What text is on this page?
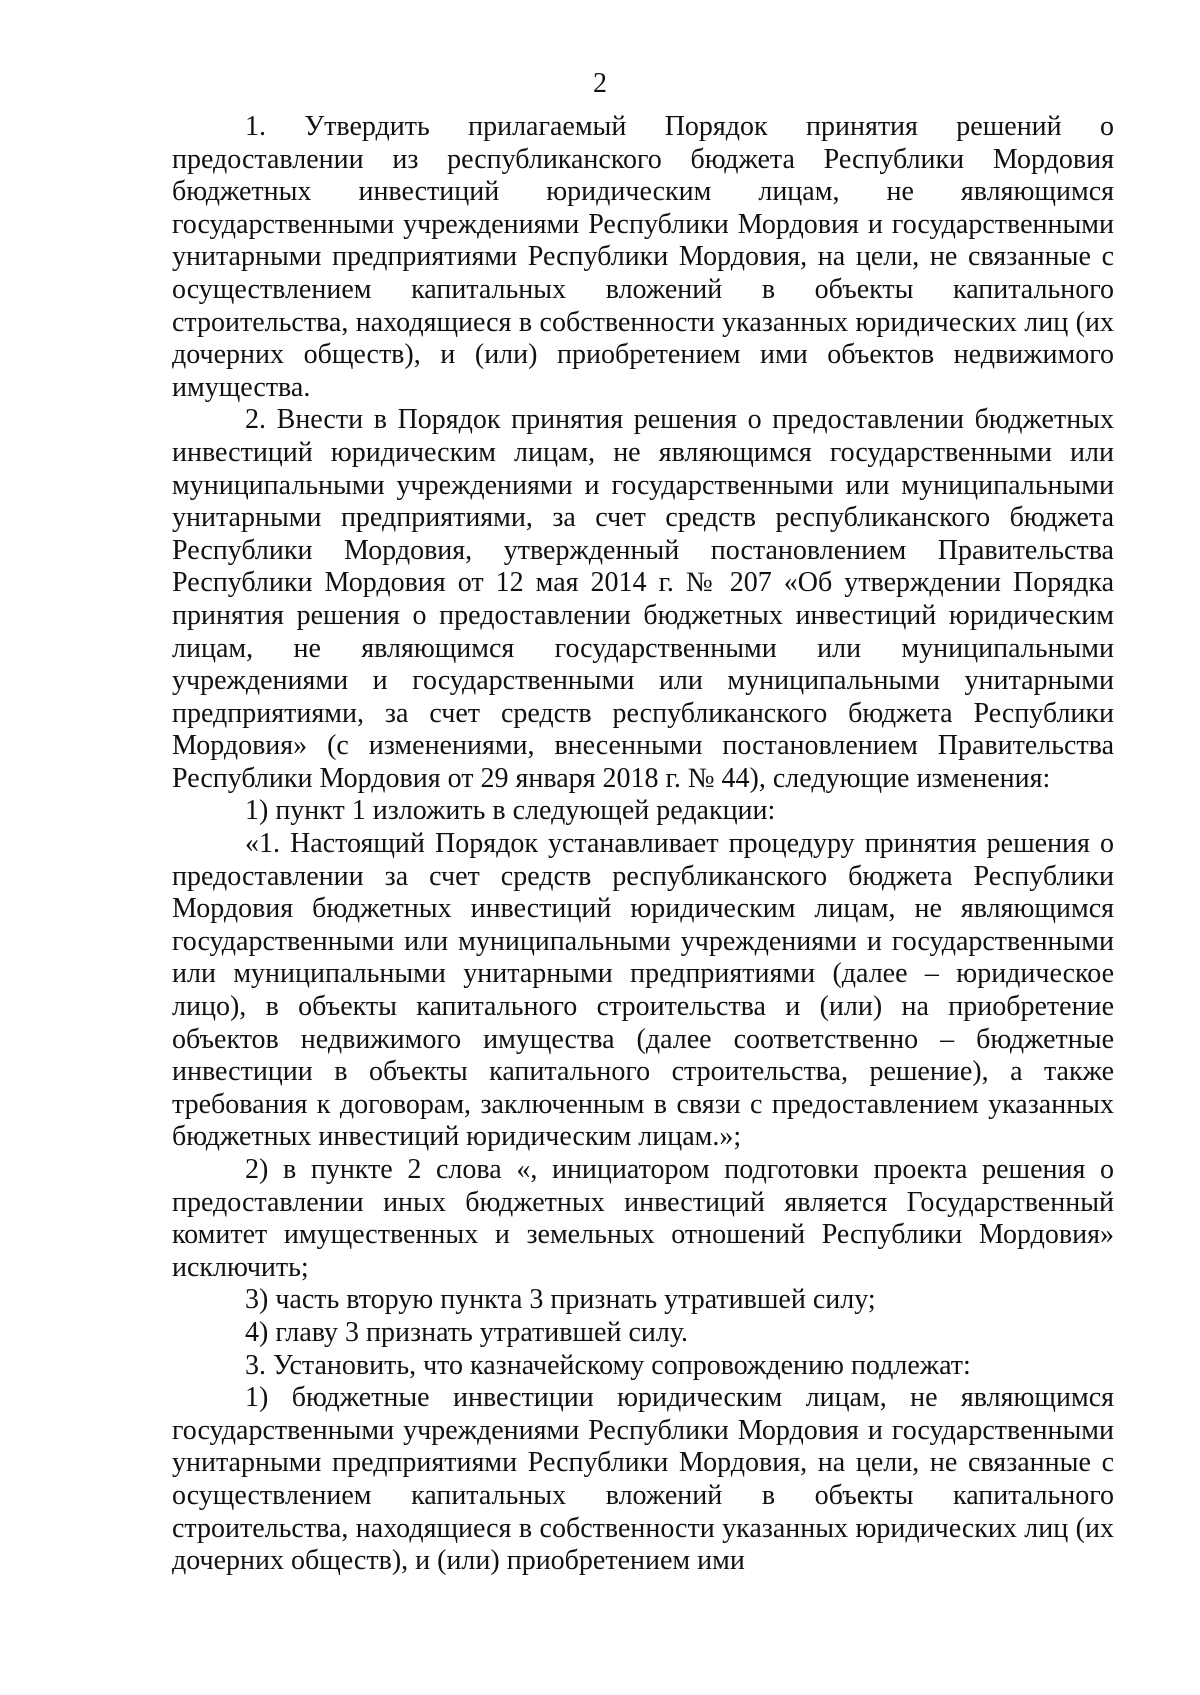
2

1. Утвердить прилагаемый Порядок принятия решений о предоставлении из республиканского бюджета Республики Мордовия бюджетных инвестиций юридическим лицам, не являющимся государственными учреждениями Республики Мордовия и государственными унитарными предприятиями Республики Мордовия, на цели, не связанные с осуществлением капитальных вложений в объекты капитального строительства, находящиеся в собственности указанных юридических лиц (их дочерних обществ), и (или) приобретением ими объектов недвижимого имущества.

2. Внести в Порядок принятия решения о предоставлении бюджетных инвестиций юридическим лицам, не являющимся государственными или муниципальными учреждениями и государственными или муниципальными унитарными предприятиями, за счет средств республиканского бюджета Республики Мордовия, утвержденный постановлением Правительства Республики Мордовия от 12 мая 2014 г. № 207 «Об утверждении Порядка принятия решения о предоставлении бюджетных инвестиций юридическим лицам, не являющимся государственными или муниципальными учреждениями и государственными или муниципальными унитарными предприятиями, за счет средств республиканского бюджета Республики Мордовия» (с изменениями, внесенными постановлением Правительства Республики Мордовия от 29 января 2018 г. № 44), следующие изменения:

1) пункт 1 изложить в следующей редакции:

«1. Настоящий Порядок устанавливает процедуру принятия решения о предоставлении за счет средств республиканского бюджета Республики Мордовия бюджетных инвестиций юридическим лицам, не являющимся государственными или муниципальными учреждениями и государственными или муниципальными унитарными предприятиями (далее – юридическое лицо), в объекты капитального строительства и (или) на приобретение объектов недвижимого имущества (далее соответственно – бюджетные инвестиции в объекты капитального строительства, решение), а также требования к договорам, заключенным в связи с предоставлением указанных бюджетных инвестиций юридическим лицам.»;

2) в пункте 2 слова «, инициатором подготовки проекта решения о предоставлении иных бюджетных инвестиций является Государственный комитет имущественных и земельных отношений Республики Мордовия» исключить;

3) часть вторую пункта 3 признать утратившей силу;

4) главу 3 признать утратившей силу.

3. Установить, что казначейскому сопровождению подлежат:

1) бюджетные инвестиции юридическим лицам, не являющимся государственными учреждениями Республики Мордовия и государственными унитарными предприятиями Республики Мордовия, на цели, не связанные с осуществлением капитальных вложений в объекты капитального строительства, находящиеся в собственности указанных юридических лиц (их дочерних обществ), и (или) приобретением ими
